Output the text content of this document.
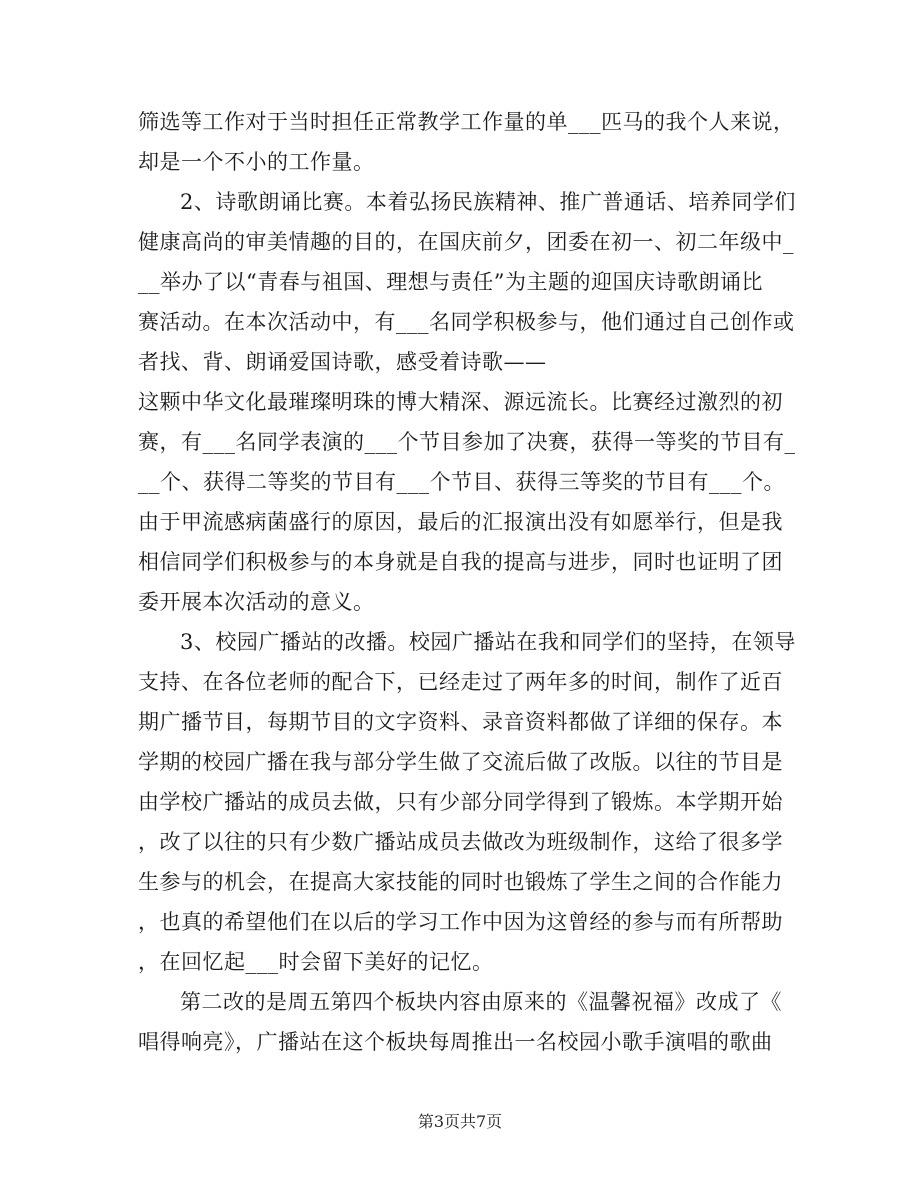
筛选等工作对于当时担任正常教学工作量的单___匹马的我个人来说，
却是一个不小的工作量。
2、诗歌朗诵比赛。本着弘扬民族精神、推广普通话、培养同学们
健康高尚的审美情趣的目的，在国庆前夕，团委在初一、初二年级中_
__举办了以“青春与祖国、理想与责任”为主题的迎国庆诗歌朗诵比
赛活动。在本次活动中，有___名同学积极参与，他们通过自己创作或
者找、背、朗诵爱国诗歌，感受着诗歌——
这颗中华文化最璀璨明珠的博大精深、源远流长。比赛经过激烈的初
赛，有___名同学表演的___个节目参加了决赛，获得一等奖的节目有_
__个、获得二等奖的节目有___个节目、获得三等奖的节目有___个。
由于甲流感病菌盛行的原因，最后的汇报演出没有如愿举行，但是我
相信同学们积极参与的本身就是自我的提高与进步，同时也证明了团
委开展本次活动的意义。
3、校园广播站的改播。校园广播站在我和同学们的坚持，在领导
支持、在各位老师的配合下，已经走过了两年多的时间，制作了近百
期广播节目，每期节目的文字资料、录音资料都做了详细的保存。本
学期的校园广播在我与部分学生做了交流后做了改版。以往的节目是
由学校广播站的成员去做，只有少部分同学得到了锻炼。本学期开始
，改了以往的只有少数广播站成员去做改为班级制作，这给了很多学
生参与的机会，在提高大家技能的同时也锻炼了学生之间的合作能力
，也真的希望他们在以后的学习工作中因为这曾经的参与而有所帮助
，在回忆起___时会留下美好的记忆。
第二改的是周五第四个板块内容由原来的《温馨祝福》改成了《
唱得响亮》，广播站在这个板块每周推出一名校园小歌手演唱的歌曲
第3页共7页
